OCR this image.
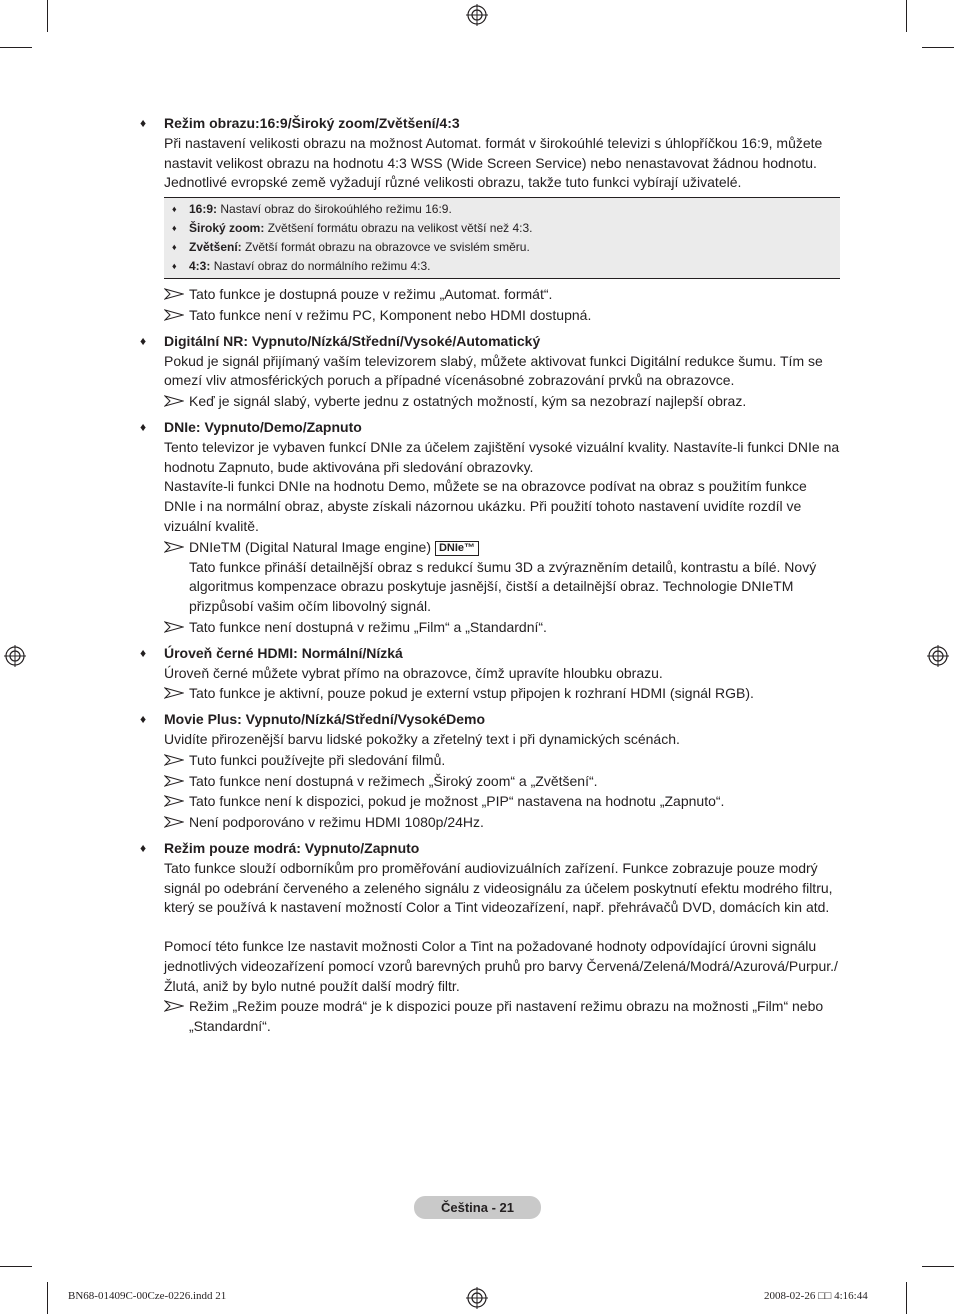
♦ Režim obrazu:16:9/Široký zoom/Zvětšení/4:3

Při nastavení velikosti obrazu na možnost Automat. formát v širokoúhlé televizi s úhlopříčkou 16:9, můžete nastavit velikost obrazu na hodnotu 4:3 WSS (Wide Screen Service) nebo nenastavovat žádnou hodnotu. Jednotlivé evropské země vyžadují různé velikosti obrazu, takže tuto funkci vybírají uživatelé.

♦ 16:9: Nastaví obraz do širokoúhlého režimu 16:9.
♦ Široký zoom: Zvětšení formátu obrazu na velikost větší než 4:3.
♦ Zvětšení: Zvětší formát obrazu na obrazovce ve svislém směru.
♦ 4:3: Nastaví obraz do normálního režimu 4:3.
Tato funkce je dostupná pouze v režimu „Automat. formát“.
Tato funkce není v režimu PC, Komponent nebo HDMI dostupná.
♦ Digitální NR: Vypnuto/Nízká/Střední/Vysoké/Automatický

Pokud je signál přijímaný vaším televizorem slabý, můžete aktivovat funkci Digitální redukce šumu. Tím se omezí vliv atmosférických poruch a případné vícenásobné zobrazování prvků na obrazovce.

Keď je signál slabý, vyberte jednu z ostatných možností, kým sa nezobrazí najlepší obraz.
♦ DNIe: Vypnuto/Demo/Zapnuto

Tento televizor je vybaven funkcí DNIe za účelem zajištění vysoké vizuální kvality. Nastavíte-li funkci DNIe na hodnotu Zapnuto, bude aktivována při sledování obrazovky.

Nastavíte-li funkci DNIe na hodnotu Demo, můžete se na obrazovce podívat na obraz s použitím funkce DNIe i na normální obraz, abyste získali názornou ukázku. Při použití tohoto nastavení uvidíte rozdíl ve vizuální kvalitě.

DNIeTM (Digital Natural Image engine) DNIe™
Tato funkce přináší detailnější obraz s redukcí šumu 3D a zvýrazněním detailů, kontrastu a bílé. Nový algoritmus kompenzace obrazu poskytuje jasnější, čistší a detailnější obraz. Technologie DNIeTM přizpůsobí vašim očím libovolný signál.
Tato funkce není dostupná v režimu „Film“ a „Standardní“.
♦ Úroveň černé HDMI: Normální/Nízká

Úroveň černé můžete vybrat přímo na obrazovce, čímž upravíte hloubku obrazu.

Tato funkce je aktivní, pouze pokud je externí vstup připojen k rozhraní HDMI (signál RGB).
♦ Movie Plus: Vypnuto/Nízká/Střední/VysokéDemo

Uvidíte přirozenější barvu lidské pokožky a zřetelný text i při dynamických scénách.

Tuto funkci používejte při sledování filmů.
Tato funkce není dostupná v režimech „Široký zoom“ a „Zvětšení“.
Tato funkce není k dispozici, pokud je možnost „PIP“ nastavena na hodnotu „Zapnuto“.
Není podporováno v režimu HDMI 1080p/24Hz.
♦ Režim pouze modrá: Vypnuto/Zapnuto

Tato funkce slouží odborníkům pro proměřování audiovizuálních zařízení. Funkce zobrazuje pouze modrý signál po odebrání červeného a zeleného signálu z videosignálu za účelem poskytnutí efektu modrého filtru, který se používá k nastavení možností Color a Tint videozařízení, např. přehrávačů DVD, domácích kin atd.

Pomocí této funkce lze nastavit možnosti Color a Tint na požadované hodnoty odpovídající úrovni signálu jednotlivých videozařízení pomocí vzorů barevných pruhů pro barvy Červená/Zelená/Modrá/Azurová/Purpur./Žlutá, aniž by bylo nutné použít další modrý filtr.

Režim „Režim pouze modrá“ je k dispozici pouze při nastavení režimu obrazu na možnosti „Film“ nebo „Standardní“.
Čeština - 21
BN68-01409C-00Cze-0226.indd 21	2008-02-26 □□ 4:16:44
